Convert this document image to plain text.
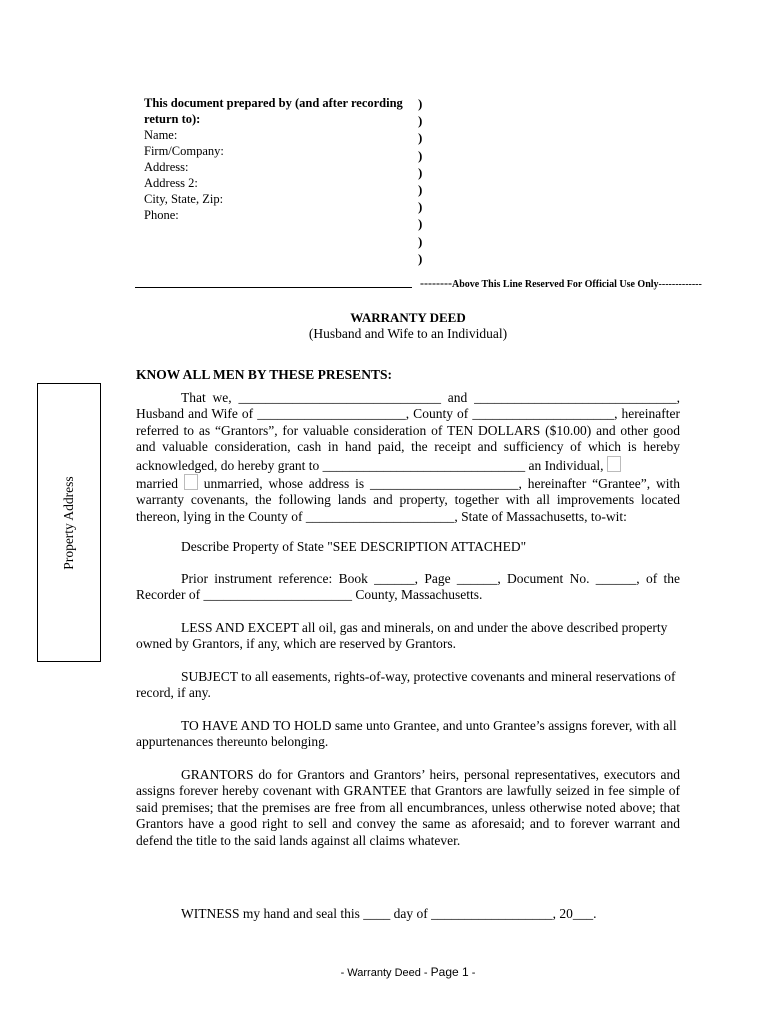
This document prepared by (and after recording
return to):
Name:
Firm/Company:
Address:
Address 2:
City, State, Zip:
Phone:
)
)
)
)
)
)
)
)
)
)
--------Above This Line Reserved For Official Use Only-------------
WARRANTY DEED
(Husband and Wife to an Individual)
Property Address
KNOW ALL MEN BY THESE PRESENTS:

That we, ______________________________ and ______________________________, Husband and Wife of ______________________, County of _____________________, hereinafter referred to as “Grantors”, for valuable consideration of TEN DOLLARS ($10.00) and other good and valuable consideration, cash in hand paid, the receipt and sufficiency of which is hereby acknowledged, do hereby grant to ______________________________ an Individual,
married unmarried, whose address is ______________________, hereinafter “Grantee”, with warranty covenants, the following lands and property, together with all improvements located thereon, lying in the County of ______________________, State of Massachusetts, to-wit:

Describe Property of State "SEE DESCRIPTION ATTACHED"

Prior instrument reference: Book ______, Page ______, Document No. ______, of the Recorder of ______________________ County, Massachusetts.

LESS AND EXCEPT all oil, gas and minerals, on and under the above described property owned by Grantors, if any, which are reserved by Grantors.

SUBJECT to all easements, rights-of-way, protective covenants and mineral reservations of record, if any.

TO HAVE AND TO HOLD same unto Grantee, and unto Grantee’s assigns forever, with all appurtenances thereunto belonging.

GRANTORS do for Grantors and Grantors’ heirs, personal representatives, executors and assigns forever hereby covenant with GRANTEE that Grantors are lawfully seized in fee simple of said premises; that the premises are free from all encumbrances, unless otherwise noted above; that Grantors have a good right to sell and convey the same as aforesaid; and to forever warrant and defend the title to the said lands against all claims whatever.

WITNESS my hand and seal this ____ day of __________________, 20___.

- Warranty Deed - Page 1 -
